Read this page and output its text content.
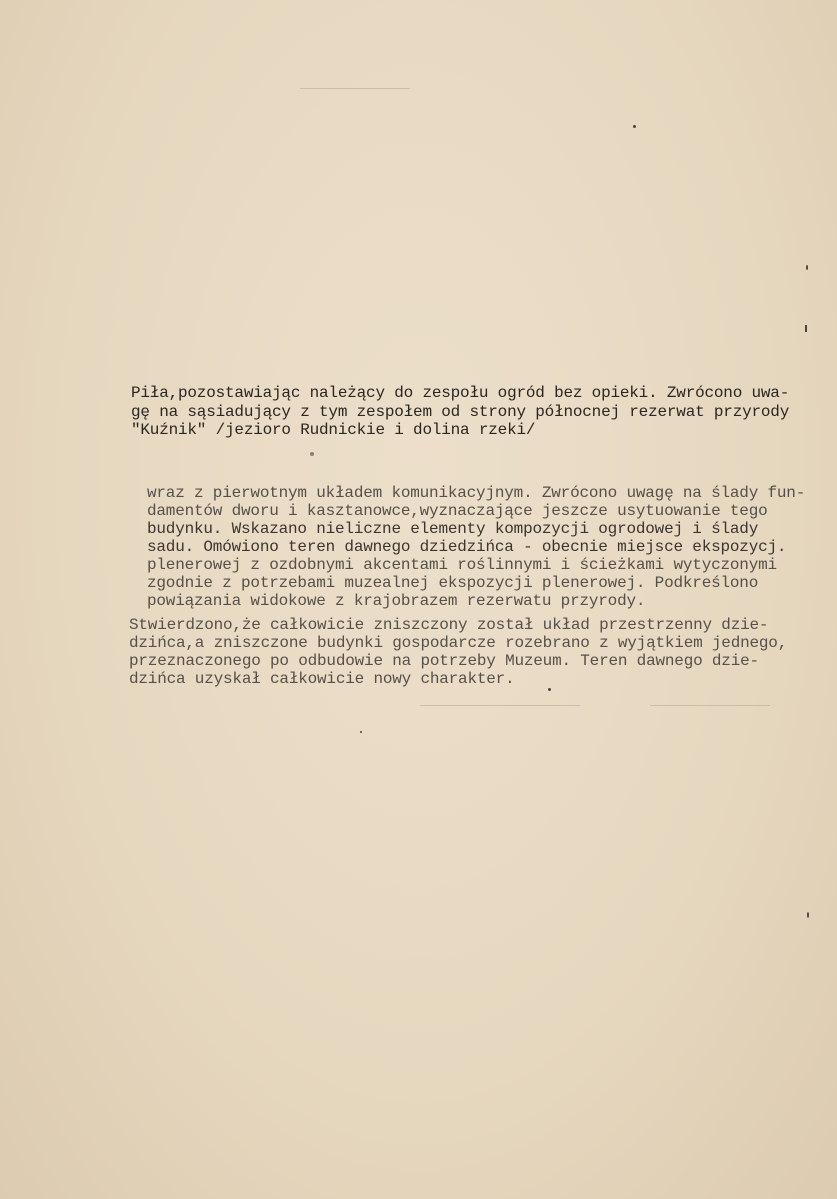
Piła,pozostawiając należący do zespołu ogród bez opieki. Zwrócono uwa-
gę na sąsiadujący z tym zespołem od strony północnej rezerwat przyrody
"Kuźnik" /jezioro Rudnickie i dolina rzeki/
wraz z pierwotnym układem komunikacyjnym. Zwrócono uwagę na ślady fun-
damentów dworu i kasztanowce,wyznaczające jeszcze usytuowanie tego
budynku. Wskazano nieliczne elementy kompozycji ogrodowej i ślady
sadu. Omówiono teren dawnego dziedzińca - obecnie miejsce ekspozycj.
plenerowej z ozdobnymi akcentami roślinnymi i ścieżkami wytyczonymi
zgodnie z potrzebami muzealnej ekspozycji plenerowej. Podkreślono
powiązania widokowe z krajobrazem rezerwatu przyrody.
Stwierdzono,że całkowicie zniszczony został układ przestrzenny dzie-
dzińca,a zniszczone budynki gospodarcze rozebrano z wyjątkiem jednego,
przeznaczonego po odbudowie na potrzeby Muzeum. Teren dawnego dzie-
dzińca uzyskał całkowicie nowy charakter.
